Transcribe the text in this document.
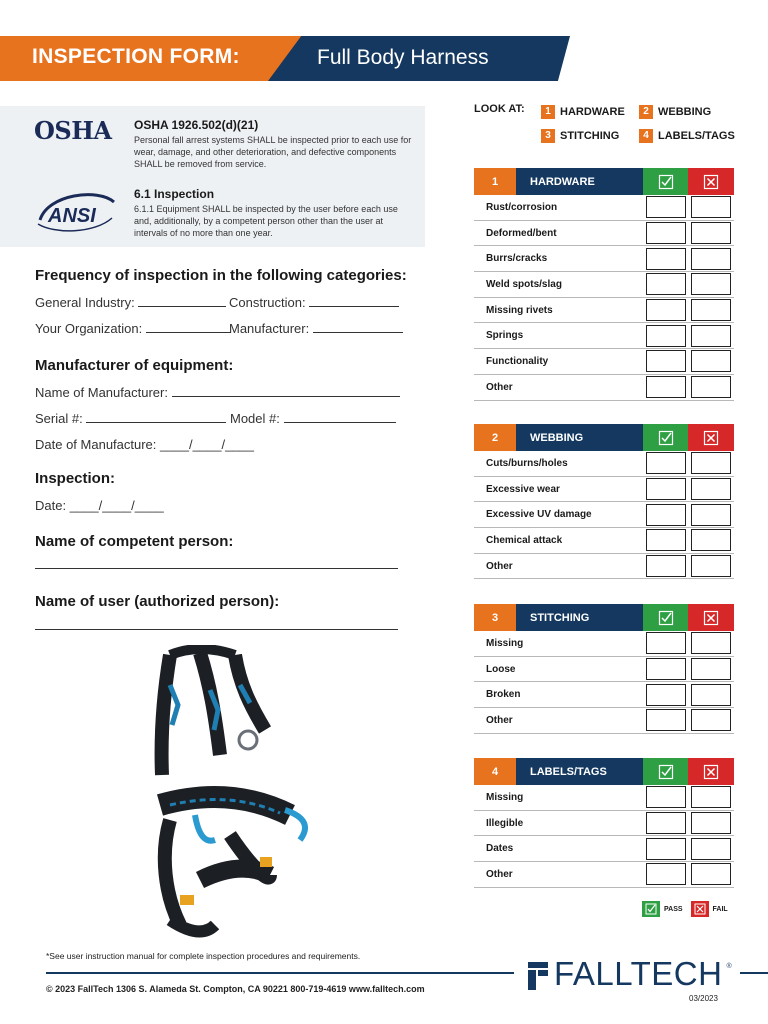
INSPECTION FORM:	Full Body Harness
OSHA	OSHA 1926.502(d)(21)
Personal fall arrest systems SHALL be inspected prior to each use for wear, damage, and other deterioration, and defective components SHALL be removed from service.
ANSI
6.1 Inspection
6.1.1 Equipment SHALL be inspected by the user before each use and, additionally, by a competent person other than the user at intervals of no more than one year.
Frequency of inspection in the following categories:
General Industry:	Construction:
Your Organization:	Manufacturer:
Manufacturer of equipment:
Name of Manufacturer:
Serial #:	Model #:
Date of Manufacture: ____/____/____
Inspection:
Date: ____/____/____
Name of competent person:
Name of user (authorized person):
LOOK AT:	1 HARDWARE	2 WEBBING
3 STITCHING	4 LABELS/TAGS
1	HARDWARE
Rust/corrosion
Deformed/bent
Burrs/cracks
Weld spots/slag
Missing rivets
Springs
Functionality
Other
2	WEBBING
Cuts/burns/holes
Excessive wear
Excessive UV damage
Chemical attack
Other
3	STITCHING
Missing
Loose
Broken
Other
4	LABELS/TAGS
Missing
Illegible
Dates
Other
PASS	FAIL
*See user instruction manual for complete inspection procedures and requirements.
© 2023 FallTech 1306 S. Alameda St. Compton, CA 90221 800-719-4619 www.falltech.com	FALLTECH ®
03/2023
